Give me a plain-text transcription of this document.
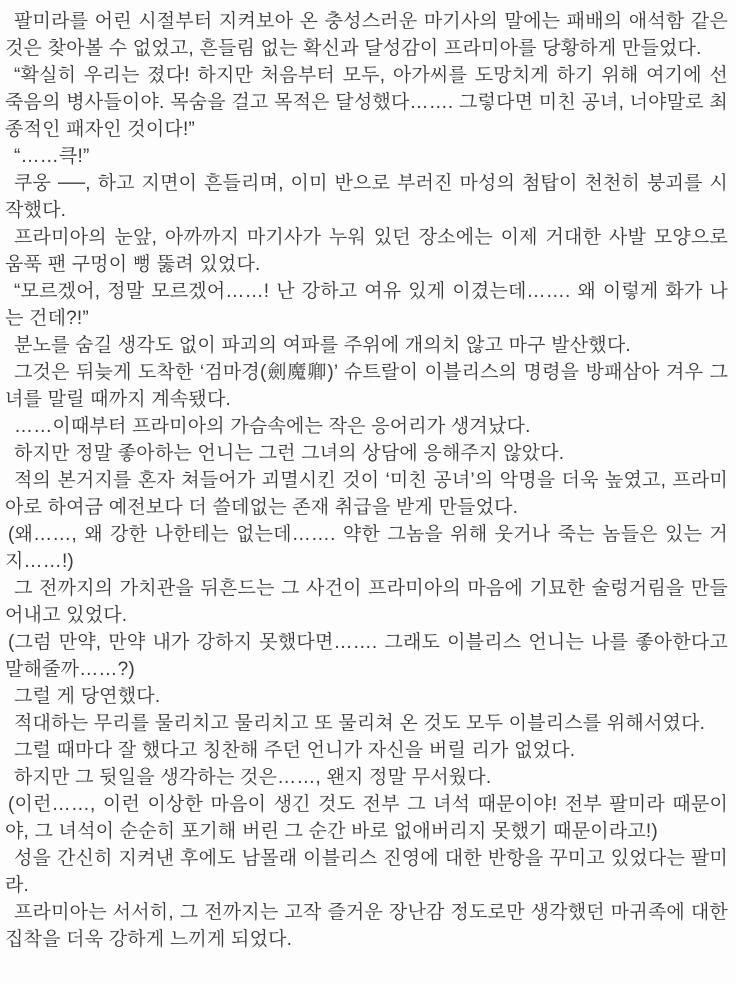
팔미라를 어린 시절부터 지켜보아 온 충성스러운 마기사의 말에는 패배의 애석함 같은 것은 찾아볼 수 없었고, 흔들림 없는 확신과 달성감이 프라미아를 당황하게 만들었다.

“확실히 우리는 졌다! 하지만 처음부터 모두, 아가씨를 도망치게 하기 위해 여기에 선 죽음의 병사들이야. 목숨을 걸고 목적은 달성했다……. 그렇다면 미친 공녀, 너야말로 최종적인 패자인 것이다!”

“……큭!”

쿠웅 ──, 하고 지면이 흔들리며, 이미 반으로 부러진 마성의 첨탑이 천천히 붕괴를 시작했다.

프라미아의 눈앞, 아까까지 마기사가 누워 있던 장소에는 이제 거대한 사발 모양으로 움푹 팬 구멍이 뻥 뚫려 있었다.

“모르겠어, 정말 모르겠어……! 난 강하고 여유 있게 이겼는데……. 왜 이렇게 화가 나는 건데?!”

분노를 숨길 생각도 없이 파괴의 여파를 주위에 개의치 않고 마구 발산했다.

그것은 뒤늦게 도착한 ‘검마경(劍魔卿)’ 슈트랄이 이블리스의 명령을 방패삼아 겨우 그녀를 말릴 때까지 계속됐다.

……이때부터 프라미아의 가슴속에는 작은 응어리가 생겨났다.

하지만 정말 좋아하는 언니는 그런 그녀의 상담에 응해주지 않았다.

적의 본거지를 혼자 쳐들어가 괴멸시킨 것이 ‘미친 공녀’의 악명을 더욱 높였고, 프라미아로 하여금 예전보다 더 쓸데없는 존재 취급을 받게 만들었다.

(왜……, 왜 강한 나한테는 없는데……. 약한 그놈을 위해 웃거나 죽는 놈들은 있는 거지……!)

그 전까지의 가치관을 뒤흔드는 그 사건이 프라미아의 마음에 기묘한 술렁거림을 만들어내고 있었다.

(그럼 만약, 만약 내가 강하지 못했다면……. 그래도 이블리스 언니는 나를 좋아한다고 말해줄까……?)

그럴 게 당연했다.

적대하는 무리를 물리치고 물리치고 또 물리쳐 온 것도 모두 이블리스를 위해서였다.

그럴 때마다 잘 했다고 칭찬해 주던 언니가 자신을 버릴 리가 없었다.

하지만 그 뒷일을 생각하는 것은……, 왠지 정말 무서웠다.

(이런……, 이런 이상한 마음이 생긴 것도 전부 그 녀석 때문이야! 전부 팔미라 때문이야, 그 녀석이 순순히 포기해 버린 그 순간 바로 없애버리지 못했기 때문이라고!)

성을 간신히 지켜낸 후에도 남몰래 이블리스 진영에 대한 반항을 꾸미고 있었다는 팔미라.

프라미아는 서서히, 그 전까지는 고작 즐거운 장난감 정도로만 생각했던 마귀족에 대한 집착을 더욱 강하게 느끼게 되었다.
